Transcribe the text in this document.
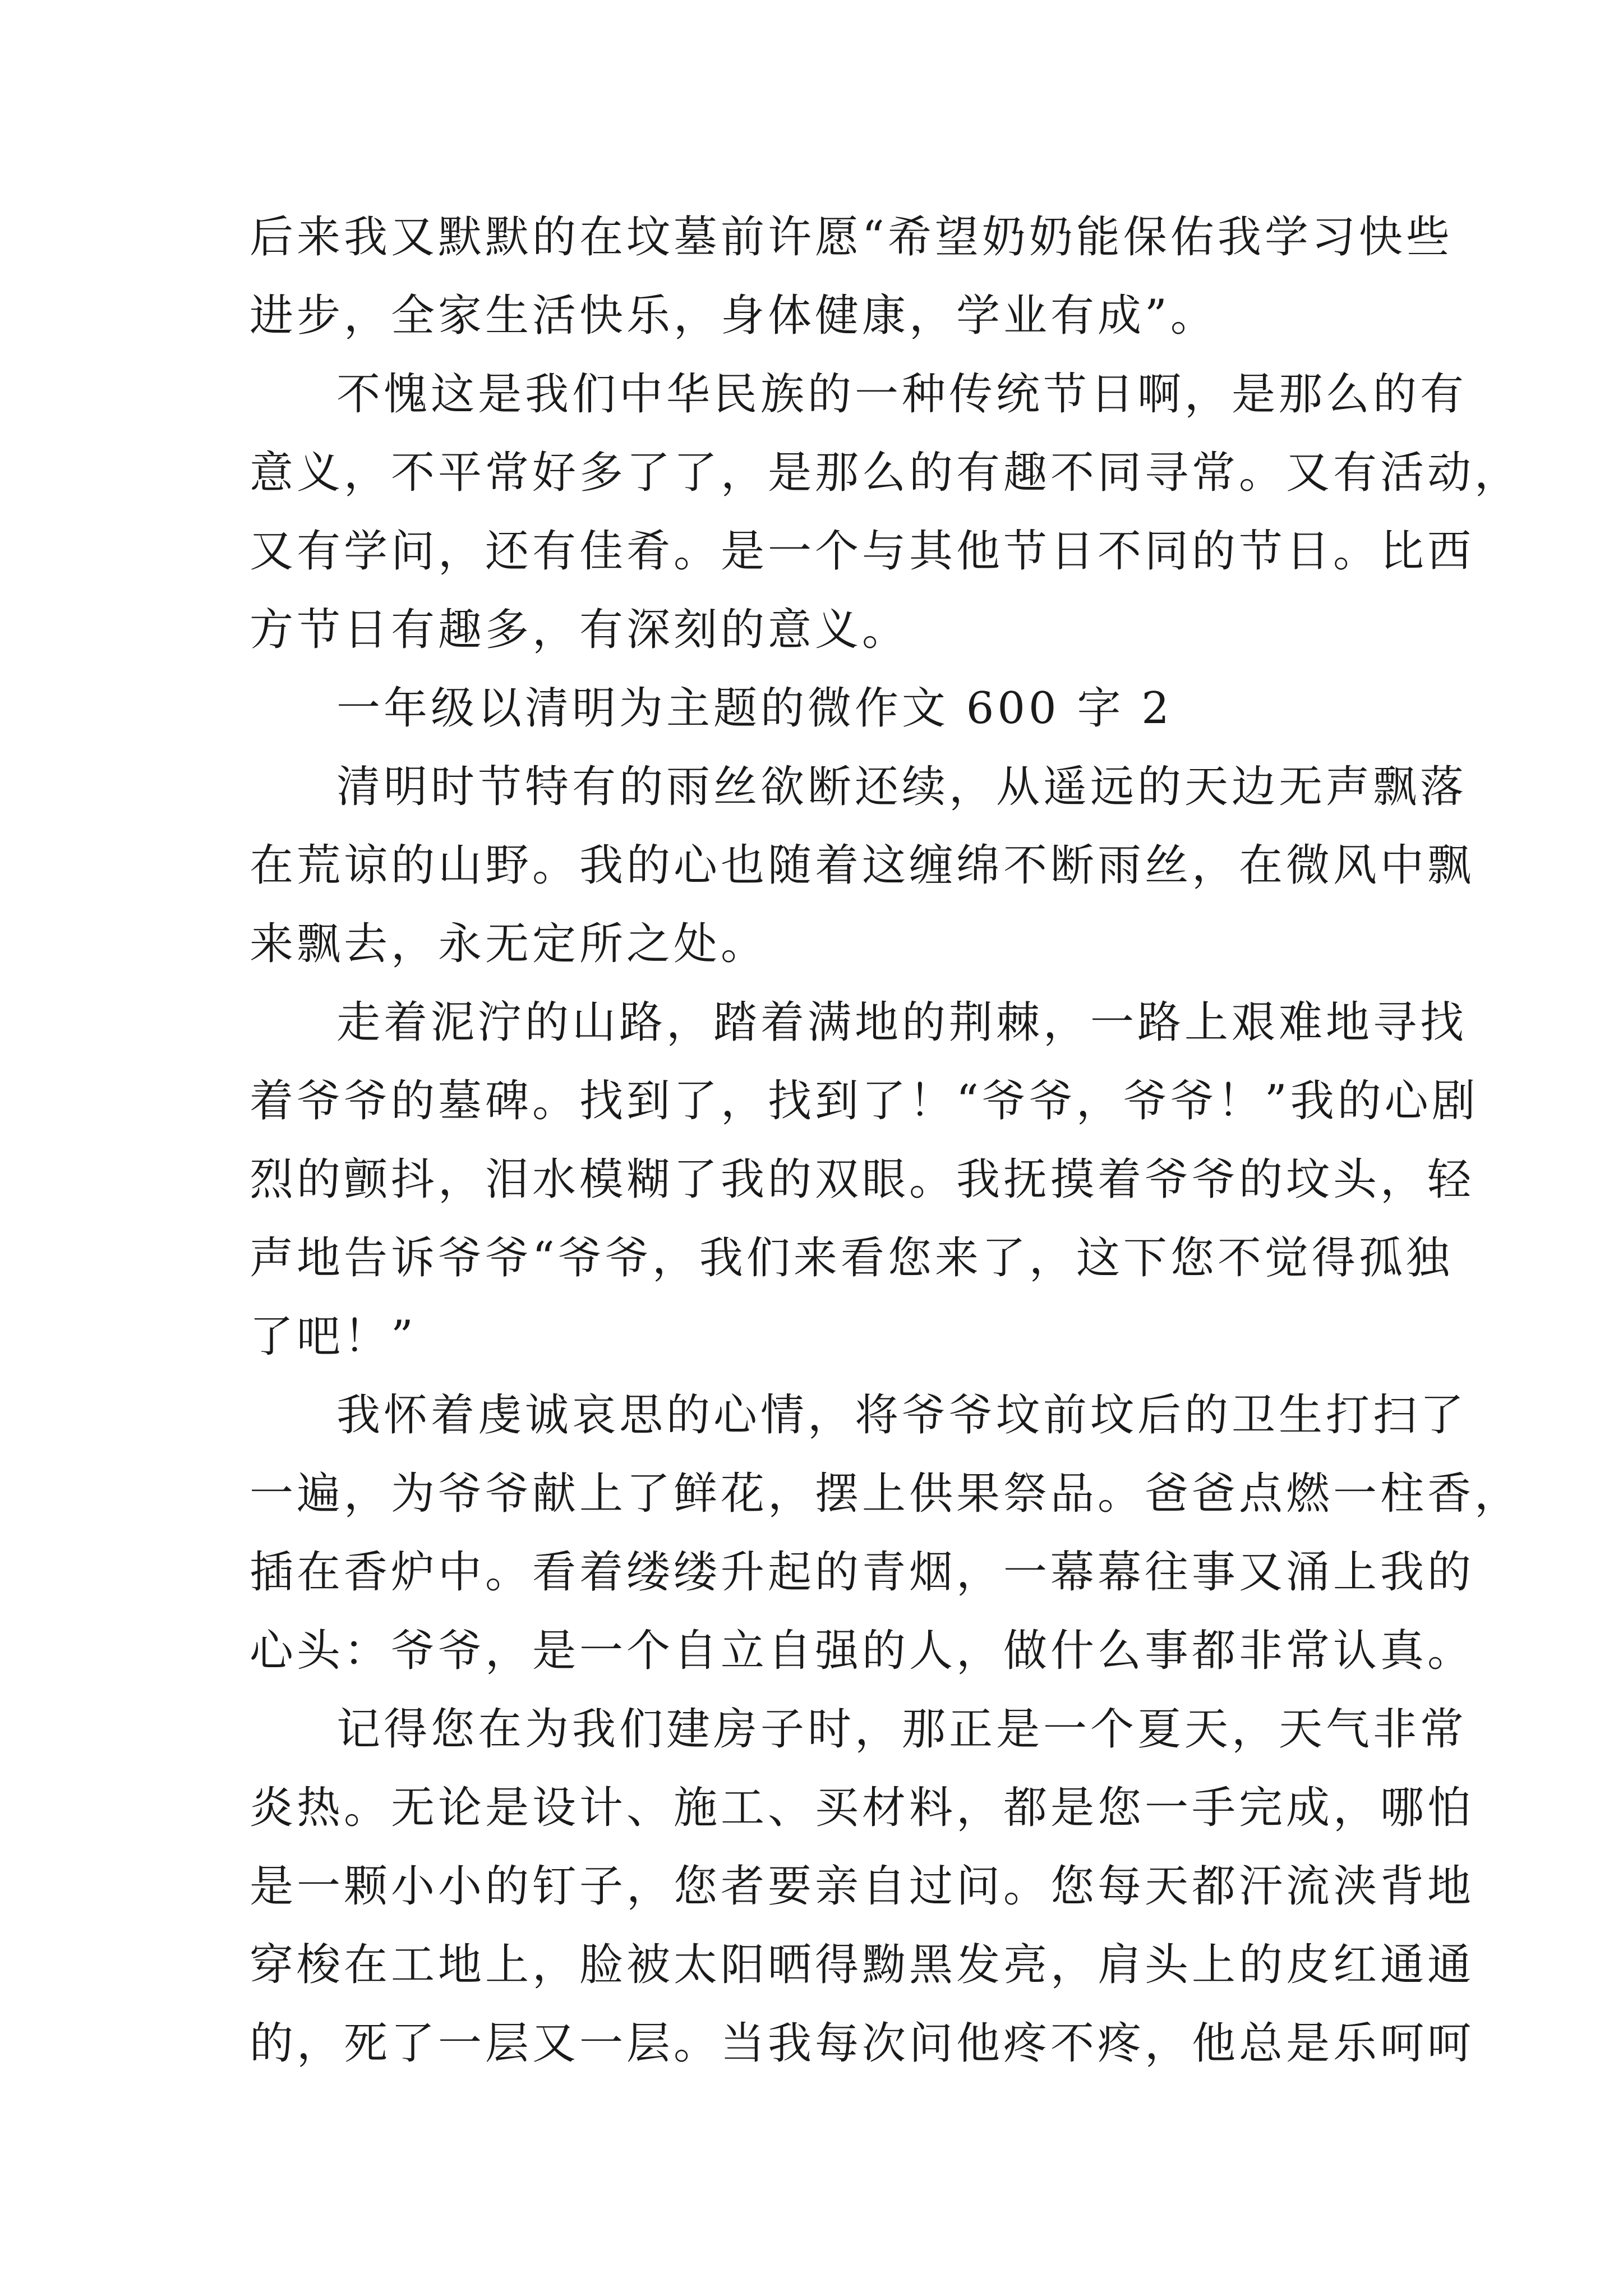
后来我又默默的在坟墓前许愿“希望奶奶能保佑我学习快些
进步，全家生活快乐，身体健康，学业有成”。
不愧这是我们中华民族的一种传统节日啊，是那么的有
意义，不平常好多了了，是那么的有趣不同寻常。又有活动，
又有学问，还有佳肴。是一个与其他节日不同的节日。比西
方节日有趣多，有深刻的意义。
一年级以清明为主题的微作文 600 字 2
清明时节特有的雨丝欲断还续，从遥远的天边无声飘落
在荒谅的山野。我的心也随着这缠绵不断雨丝，在微风中飘
来飘去，永无定所之处。
走着泥泞的山路，踏着满地的荆棘，一路上艰难地寻找
着爷爷的墓碑。找到了，找到了！“爷爷，爷爷！”我的心剧
烈的颤抖，泪水模糊了我的双眼。我抚摸着爷爷的坟头，轻
声地告诉爷爷“爷爷，我们来看您来了，这下您不觉得孤独
了吧！”
我怀着虔诚哀思的心情，将爷爷坟前坟后的卫生打扫了
一遍，为爷爷献上了鲜花，摆上供果祭品。爸爸点燃一柱香，
插在香炉中。看着缕缕升起的青烟，一幕幕往事又涌上我的
心头：爷爷，是一个自立自强的人，做什么事都非常认真。
记得您在为我们建房子时，那正是一个夏天，天气非常
炎热。无论是设计、施工、买材料，都是您一手完成，哪怕
是一颗小小的钉子，您者要亲自过问。您每天都汗流浃背地
穿梭在工地上，脸被太阳晒得黝黑发亮，肩头上的皮红通通
的，死了一层又一层。当我每次问他疼不疼，他总是乐呵呵
